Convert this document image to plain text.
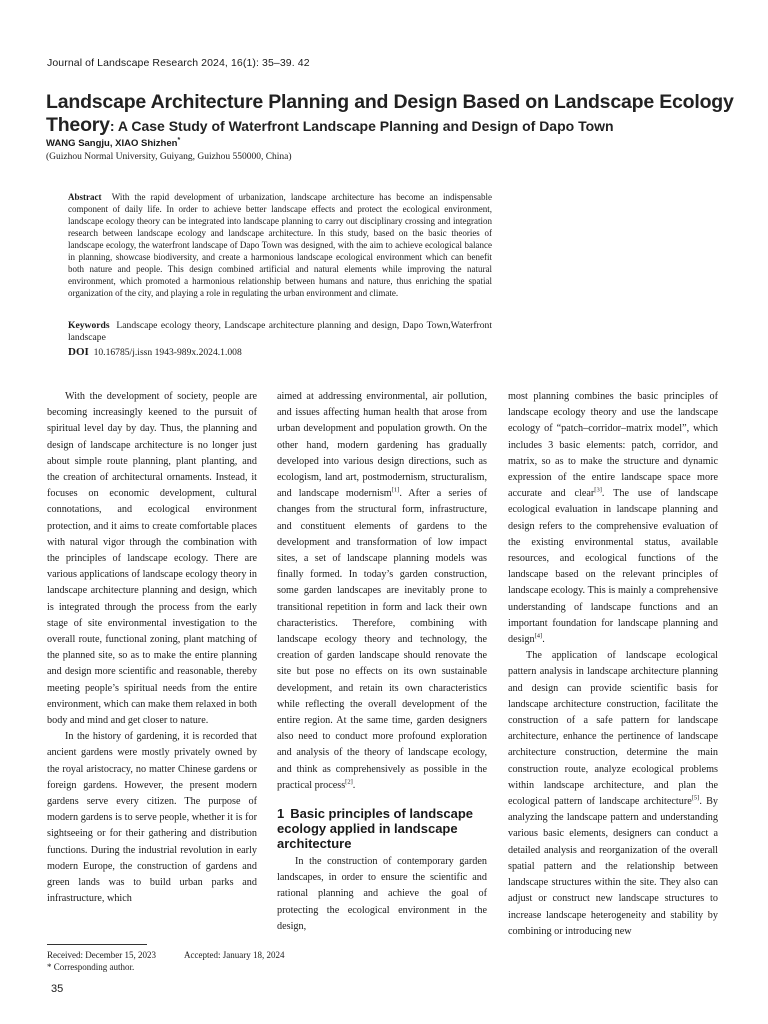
Journal of Landscape Research 2024, 16(1): 35–39. 42
Landscape Architecture Planning and Design Based on Landscape Ecology
Theory: A Case Study of Waterfront Landscape Planning and Design of Dapo Town
WANG Sangju, XIAO Shizhen*
(Guizhou Normal University, Guiyang, Guizhou 550000, China)
Abstract With the rapid development of urbanization, landscape architecture has become an indispensable component of daily life. In order to achieve better landscape effects and protect the ecological environment, landscape ecology theory can be integrated into landscape planning to carry out disciplinary crossing and integration research between landscape ecology and landscape architecture. In this study, based on the basic theories of landscape ecology, the waterfront landscape of Dapo Town was designed, with the aim to achieve ecological balance in planning, showcase biodiversity, and create a harmonious landscape ecological environment which can benefit both nature and people. This design combined artificial and natural elements while improving the natural environment, which promoted a harmonious relationship between humans and nature, thus enriching the spatial organization of the city, and playing a role in regulating the urban environment and climate.
Keywords Landscape ecology theory, Landscape architecture planning and design, Dapo Town,Waterfront landscape
DOI 10.16785/j.issn 1943-989x.2024.1.008

With the development of society, people are becoming increasingly keened to the pursuit of spiritual level day by day. Thus, the planning and design of landscape architecture is no longer just about simple route planning, plant planting, and the creation of architectural ornaments. Instead, it focuses on economic development, cultural connotations, and ecological environment protection, and it aims to create comfortable places with natural vigor through the combination with the principles of landscape ecology. There are various applications of landscape ecology theory in landscape architecture planning and design, which is integrated through the process from the early stage of site environmental investigation to the overall route, functional zoning, plant matching of the planned site, so as to make the entire planning and design more scientific and reasonable, thereby meeting people’s spiritual needs from the entire environment, which can make them relaxed in both body and mind and get closer to nature.

In the history of gardening, it is recorded that ancient gardens were mostly privately owned by the royal aristocracy, no matter Chinese gardens or foreign gardens. However, the present modern gardens serve every citizen. The purpose of modern gardens is to serve people, whether it is for sightseeing or for their gathering and distribution functions. During the industrial revolution in early modern Europe, the construction of gardens and green lands was to build urban parks and infrastructure, which

aimed at addressing environmental, air pollution, and issues affecting human health that arose from urban development and population growth. On the other hand, modern gardening has gradually developed into various design directions, such as ecologism, land art, postmodernism, structuralism, and landscape modernism[1]. After a series of changes from the structural form, infrastructure, and constituent elements of gardens to the development and transformation of low impact sites, a set of landscape planning models was finally formed. In today’s garden construction, some garden landscapes are inevitably prone to transitional repetition in form and lack their own characteristics. Therefore, combining with landscape ecology theory and technology, the creation of garden landscape should renovate the site but pose no effects on its own sustainable development, and retain its own characteristics while reflecting the overall development of the entire region. At the same time, garden designers also need to conduct more profound exploration and analysis of the theory of landscape ecology, and think as comprehensively as possible in the practical process[2].

1 Basic principles of landscape ecology applied in landscape architecture

In the construction of contemporary garden landscapes, in order to ensure the scientific and rational planning and achieve the goal of protecting the ecological environment in the design,

most planning combines the basic principles of landscape ecology theory and use the landscape ecology of “patch–corridor–matrix model”, which includes 3 basic elements: patch, corridor, and matrix, so as to make the structure and dynamic expression of the entire landscape space more accurate and clear[3]. The use of landscape ecological evaluation in landscape planning and design refers to the comprehensive evaluation of the existing environmental status, available resources, and ecological functions of the landscape based on the relevant principles of landscape ecology. This is mainly a comprehensive understanding of landscape functions and an important foundation for landscape planning and design[4].

The application of landscape ecological pattern analysis in landscape architecture planning and design can provide scientific basis for landscape architecture construction, facilitate the construction of a safe pattern for landscape architecture, enhance the pertinence of landscape architecture construction, determine the main construction route, analyze ecological problems within landscape architecture, and plan the ecological pattern of landscape architecture[5]. By analyzing the landscape pattern and understanding various basic elements, designers can conduct a detailed analysis and reorganization of the overall spatial pattern and the relationship between landscape structures within the site. They also can adjust or construct new landscape structures to increase landscape heterogeneity and stability by combining or introducing new

Received: December 15, 2023	Accepted: January 18, 2024
* Corresponding author.
35
